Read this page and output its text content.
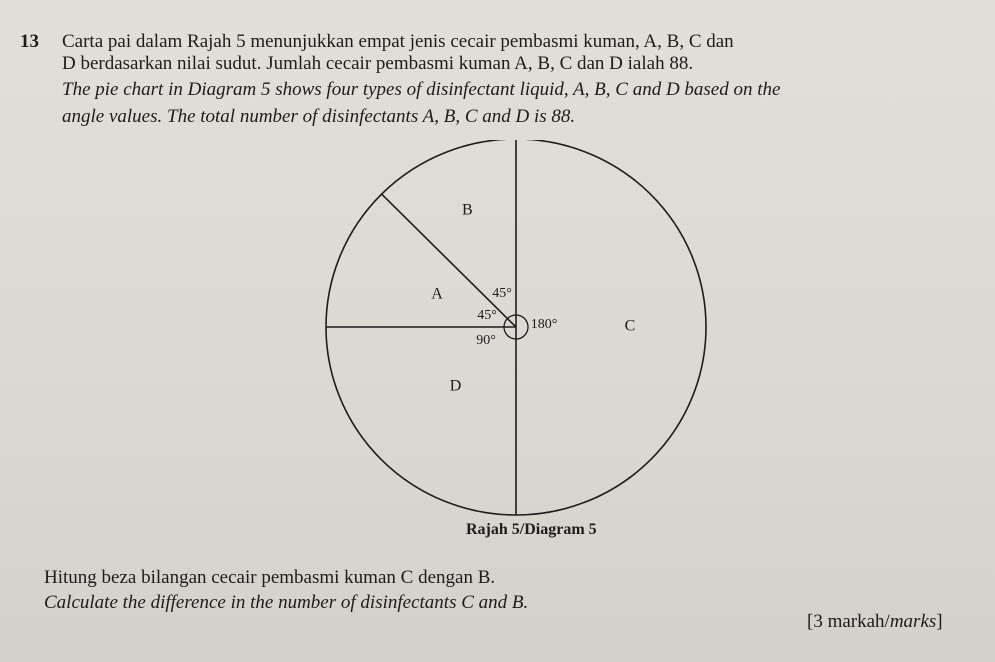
13 Carta pai dalam Rajah 5 menunjukkan empat jenis cecair pembasmi kuman, A, B, C dan
D berdasarkan nilai sudut. Jumlah cecair pembasmi kuman A, B, C dan D ialah 88.
The pie chart in Diagram 5 shows four types of disinfectant liquid, A, B, C and D based on the
angle values. The total number of disinfectants A, B, C and D is 88.
C
B
A
D
180°
45°
45°
90°
Rajah 5/Diagram 5
Hitung beza bilangan cecair pembasmi kuman C dengan B.
Calculate the difference in the number of disinfectants C and B.
[3 markah/marks]
